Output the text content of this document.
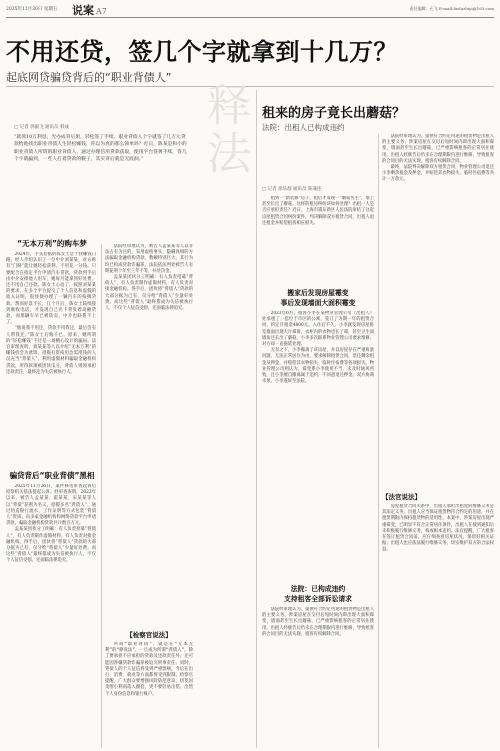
2025年11月30日 星期五 说案 A7	责任编辑：孔飞 E-mail:fashizhiyi@163.com
不用还贷，签几个字就拿到十几万？
起底网贷骗贷背后的“职业背债人”
释法
□ 记者 郭毅飞 通讯员 韩成
“就领10万利息，光办成背后果，轻松签了手续，职业背债人个字就签了几万元贷款给他找出职业背债人生轻松赚钱，你以为真的那么简单吗？近日，陈某是和小的职业背债人所谓的职业背债人，通过办理信用贷款获取，使用平台签署手续，签几个字就骗到，一些人打着贷款的幌子，其实背后就是无底洞。”
“无本万利”的购车梦

2024年，手头拮据的陈女士急于找赚钱门路。经人介绍认识了一位中介刘某某，对方称有“门路”能让她轻松获利，不用花一分钱。只要配合在指定平台申请汽车贷款，贷款到手后由中介安排他人用车，她每月能拿到好处费，还不用自己还款。陈女士心动了，按照刘某某的要求，在多个平台提交了个人信息和虚假的收入证明，很快便办理了一辆汽车的按揭贷款。然而好景不长，几个月后，陈女士陆续接到催收电话，才发现自己名下背负着高额贷款，而那辆车早已被转卖，中介也联系不上了。

“他说我不用还，贷款不用我还，最后会有人帮我还。”陈女士后悔不已。原来，她所谓的“轻松赚钱”不过是一场精心设计的骗局。法官审理查明，刘某某等人以介绍“无本万利”的赚钱机会为诱饵，招揽有资质但急需用钱的人员充当“背债人”，利用虚假材料骗取金融机构贷款，所得款项被团伙瓜分，背债人则须承担还款责任，最终沦为失信被执行人。

骗贷背后“职业背债”黑相

2025年11月26日，案件移送审查起诉后检察机关依法提起公诉。经审查查明，2023年以来，被告人孟某某、霍某某、宋某某等人以“背债”获利为名义，招揽多名“背债人”，通过伪造银行流水、工作证明等方式包装“背债人”资质，向多家金融机构和网络贷款平台申请贷款，骗取金融机构贷款共计数百万元。

孟某某团伙分工明确：有人负责招募“背债人”，有人负责制作虚假材料，有人负责对接金融机构。得手后，团伙将“背债人”贷款的大部分据为己有，仅分给“背债人”少量好处费。而这些“背债人”最终都成为失信被执行人，不仅个人征信受损，还面临法律追究。

法院经审理认为，被告人孟某某等人以非法占有为目的，采用虚构事实、隐瞒真相的方法骗取金融机构贷款，数额特别巨大，其行为均已构成贷款诈骗罪。法院依法判处被告人有期徒刑十年至三年不等，并处罚金。

孟某某团伙分工明确：有人负责招募“背债人”，有人负责制作虚假材料，有人负责对接金融机构。得手后，团伙将“背债人”贷款的大部分据为己有，仅分给“背债人”少量好处费。而这些“背债人”最终都成为失信被执行人，不仅个人征信受损，还面临法律追究。

【检察官说法】

所谓“职业背债”，就是在“无本无利”的“撩说法”，一旦成为所谓“背债人”，除了要承担不应承担的贷款及还款责任外，还可能因涉嫌贷款诈骗罪被追究刑事责任。同时，背债人的个人征信将受到严重影响，今后在出行、消费、就业等方面都将受到限制。检察官提醒，广大群众要增强风险防范意识，切莫因贪图小利而落入圈套，更不要轻易出借、出售个人身份信息和银行账户。

租来的房子竟长出蘑菇？
法院：出租人已构成违约
□ 记者 徐乐群 通讯员 陈兼连

租到一“新装修”房子，租后才发现一“蘑菇丛生”，墙上甚至长出了蘑菇。这样的租房纠纷该如何处理？出租一人是否应承担责任？近日，上海市浦东新区人民法院审结了这起房屋租赁合同纠纷案件，判决解除双方租赁合同，出租人退还租金并赔偿租客相应损失。

搬家后发现房屋霉变
事后发现墙面大面积霉变

2023年6月，租客小李在某物业管理公司（出租人）处承租了一套位于市区的公寓，签订了为期一年的租赁合同，约定月租金4800元。入住后不久，小李就发现房屋卧室墙面出现大片霉斑，衣柜内的衣物也长了霉，甚至卫生间墙角还长出了蘑菇。小李多次联系物业管理公司要求维修，对方却一直拖延处理。

无奈之下，小李搬离了该房屋，并以房屋存在严重质量问题、无法正常居住为由，要求解除租赁合同，退还剩余租金及押金，并赔偿其衣物损失、临时住宿费等各项损失。物业管理公司则认为，霉变系小李使用不当、未及时通风所致，且小李擅自搬离属于违约，不同意退还押金。双方协商未果，小李遂诉至法院。

法院：已构成违约
支持租客全部诉讼请求

法院经审理认为，提供符合约定用途的租赁物是出租人的主要义务。涉案房屋在交付后短时间内即出现大面积霉变，墙面甚至生长出蘑菇，已严重影响租客的正常居住使用，出租人经催告后仍未在合理期限内进行维修，导致租客的合同目的无法实现，租客有权解除合同。

法院经审理认为，提供符合约定用途的租赁物是出租人的主要义务。涉案房屋在交付后短时间内即出现大面积霉变，墙面甚至生长出蘑菇，已严重影响租客的正常居住使用，出租人经催告后仍未在合理期限内进行维修，导致租客的合同目的无法实现，租客有权解除合同。

最终，法院判决解除双方租赁合同，物业管理公司退还小李剩余租金及押金，并赔偿其衣物损失、临时住宿费等共计一万余元。

【法官说法】

房屋租赁合同关系中，出租人承担出租屋的维修义务是其法定义务，出租人应当保证租赁物符合约定的用途，并在租赁期限内保持租赁物的适用性。本案中，涉案房屋出现严重霉变，已明显不符合正常居住条件，出租人在接到通知后未积极履行维修义务，构成根本违约。法官提醒，广大租客在签订租赁合同前，应仔细查看房屋状况，保留好相关证据；出租人也应依法履行维修义务，切实维护双方的合法权益。
